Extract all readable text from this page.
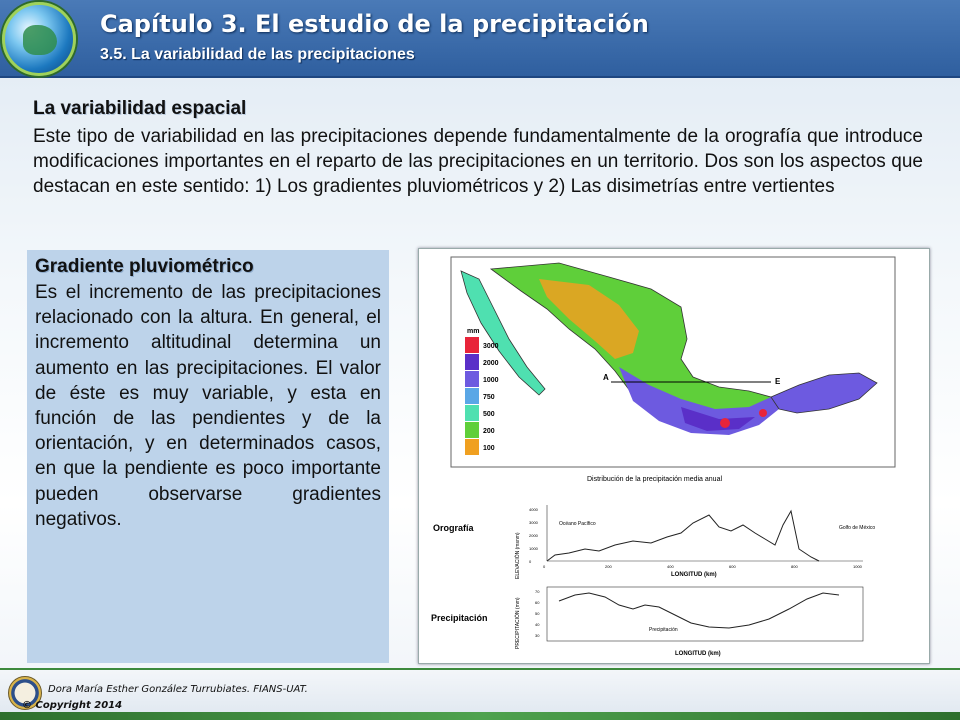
Capítulo 3. El estudio de la precipitación
3.5. La variabilidad de las precipitaciones
La variabilidad espacial
Este tipo de variabilidad en las precipitaciones depende fundamentalmente de la orografía que introduce modificaciones importantes en el reparto de las precipitaciones en un territorio. Dos son los aspectos que destacan en este sentido: 1) Los gradientes pluviométricos y 2) Las disimetrías entre vertientes
Gradiente pluviométrico
Es el incremento de las precipitaciones relacionado con la altura. En general, el incremento altitudinal determina un aumento en las precipitaciones. El valor de éste es muy variable, y esta en función de las pendientes y de la orientación, y en determinados casos, en que la pendiente es poco importante pueden observarse gradientes negativos.
A	E
mm
3000
2000
1000
750
500
200
100
Distribución de la precipitación media anual
Orografía
ELEVACIÓN (msnm)
4000
3000
2000
1000
0
Océano Pacífico
Golfo de México
0	200	400	600	800	1000
LONGITUD (km)
Precipitación	PRECIPITACIÓN (mm)
70
60
50
40
30
Precipitación
LONGITUD (km)
Dora María Esther González Turrubiates. FIANS-UAT.
© Copyright 2014
